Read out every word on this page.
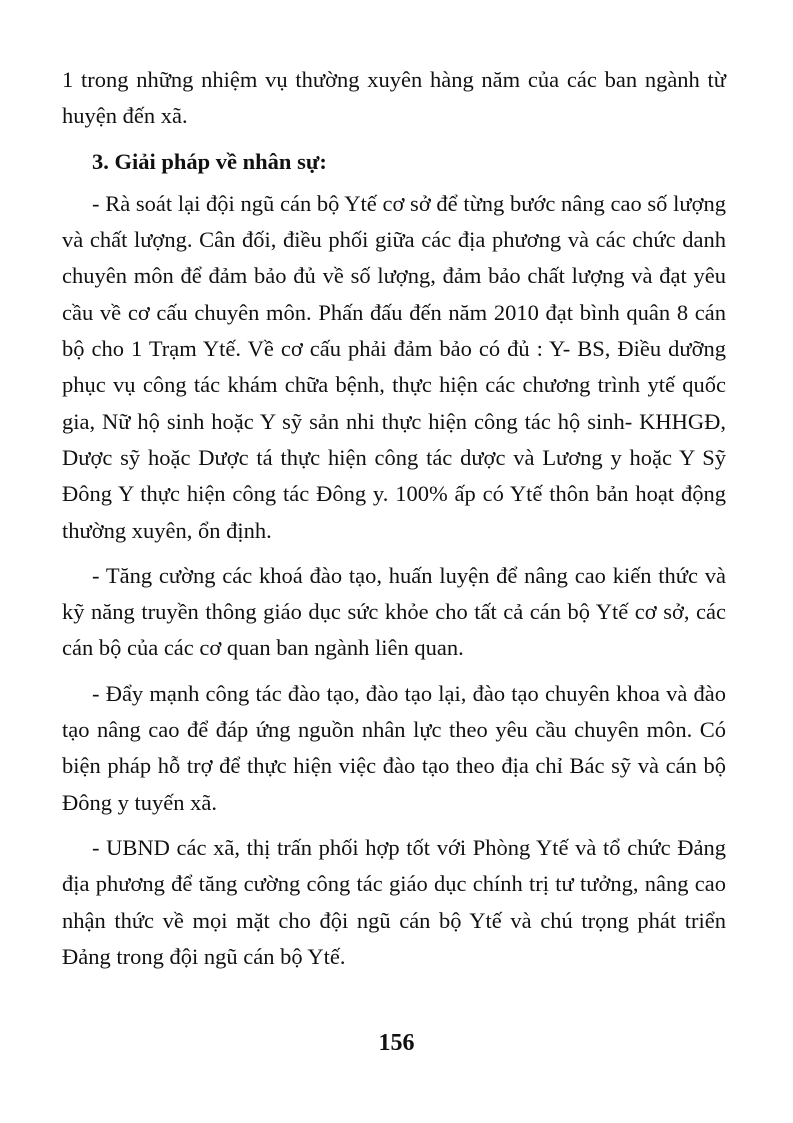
1 trong những nhiệm vụ thường xuyên hàng năm của các ban ngành từ huyện đến xã.

3. Giải pháp về nhân sự:

- Rà soát lại đội ngũ cán bộ Ytế cơ sở để từng bước nâng cao số lượng và chất lượng. Cân đối, điều phối giữa các địa phương và các chức danh chuyên môn để đảm bảo đủ về số lượng, đảm bảo chất lượng và đạt yêu cầu về cơ cấu chuyên môn. Phấn đấu đến năm 2010 đạt bình quân 8 cán bộ cho 1 Trạm Ytế. Về cơ cấu phải đảm bảo có đủ : Y- BS, Điều dưỡng phục vụ công tác khám chữa bệnh, thực hiện các chương trình ytế quốc gia, Nữ hộ sinh hoặc Y sỹ sản nhi thực hiện công tác hộ sinh- KHHGĐ, Dược sỹ hoặc Dược tá thực hiện công tác dược và Lương y hoặc Y Sỹ Đông Y thực hiện công tác Đông y. 100% ấp có Ytế thôn bản hoạt động thường xuyên, ổn định.

- Tăng cường các khoá đào tạo, huấn luyện để nâng cao kiến thức và kỹ năng truyền thông giáo dục sức khỏe cho tất cả cán bộ Ytế cơ sở, các cán bộ của các cơ quan ban ngành liên quan.

- Đẩy mạnh công tác đào tạo, đào tạo lại, đào tạo chuyên khoa và đào tạo nâng cao để đáp ứng nguồn nhân lực theo yêu cầu chuyên môn. Có biện pháp hỗ trợ để thực hiện việc đào tạo theo địa chỉ Bác sỹ và cán bộ Đông y tuyến xã.

- UBND các xã, thị trấn phối hợp tốt với Phòng Ytế và tổ chức Đảng địa phương để tăng cường công tác giáo dục chính trị tư tưởng, nâng cao nhận thức về mọi mặt cho đội ngũ cán bộ Ytế và chú trọng phát triển Đảng trong đội ngũ cán bộ Ytế.

156
